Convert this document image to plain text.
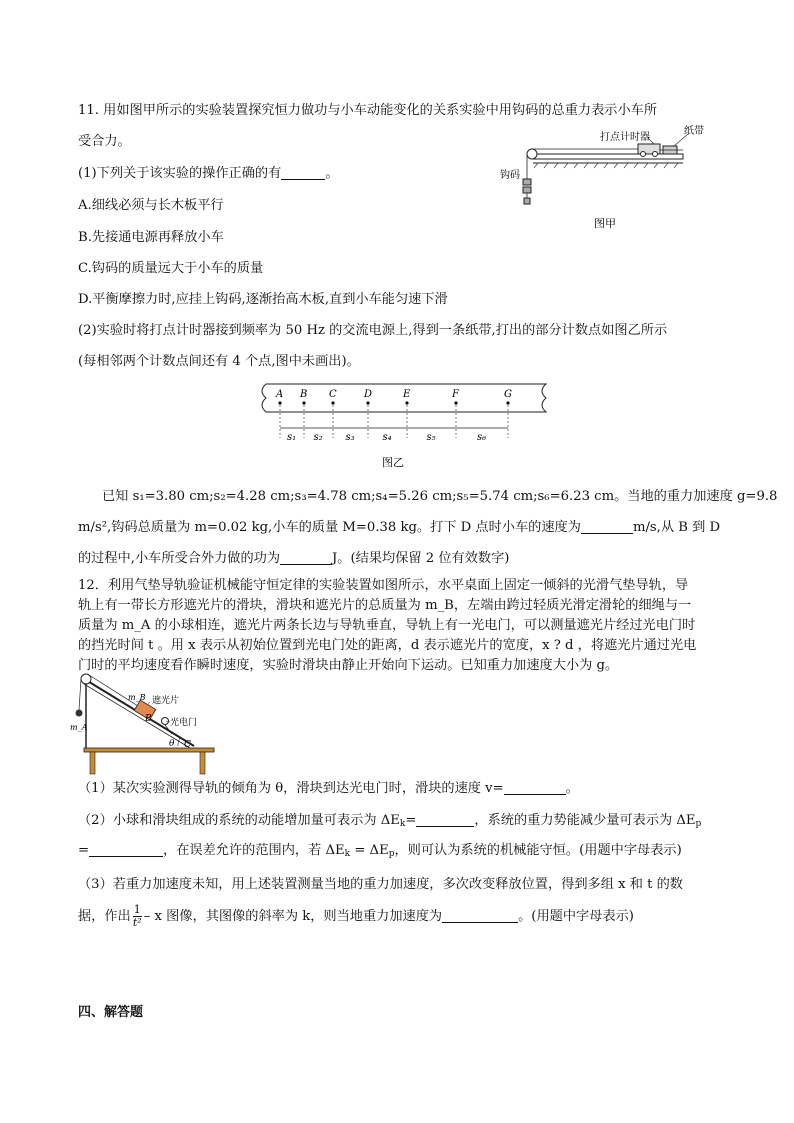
11. 用如图甲所示的实验装置探究恒力做功与小车动能变化的关系实验中用钩码的总重力表示小车所
受合力。
(1)下列关于该实验的操作正确的有	。
A.细线必须与长木板平行
B.先接通电源再释放小车
C.钩码的质量远大于小车的质量
D.平衡摩擦力时,应挂上钩码,逐渐抬高木板,直到小车能匀速下滑
(2)实验时将打点计时器接到频率为 50 Hz 的交流电源上,得到一条纸带,打出的部分计数点如图乙所示
(每相邻两个计数点间还有 4 个点,图中未画出)。
打点计时器
纸带
钩码
图甲
A B C	D	E	F	G
s₁ s₂ s₃	s₄	s₅	s₆
图乙
已知 s₁=3.80 cm;s₂=4.28 cm;s₃=4.78 cm;s₄=5.26 cm;s₅=5.74 cm;s₆=6.23 cm。当地的重力加速度 g=9.8
m/s²,钩码总质量为 m=0.02 kg,小车的质量 M=0.38 kg。打下 D 点时小车的速度为	m/s,从 B 到 D
的过程中,小车所受合外力做的功为	J。(结果均保留 2 位有效数字)
12．利用气垫导轨验证机械能守恒定律的实验装置如图所示，水平桌面上固定一倾斜的光滑气垫导轨，导
轨上有一带长方形遮光片的滑块，滑块和遮光片的总质量为 m_B，左端由跨过轻质光滑定滑轮的细绳与一
质量为 m_A 的小球相连，遮光片两条长边与导轨垂直，导轨上有一光电门，可以测量遮光片经过光电门时
的挡光时间 t 。用 x 表示从初始位置到光电门处的距离，d 表示遮光片的宽度，x ? d ，将遮光片通过光电
门时的平均速度看作瞬时速度，实验时滑块由静止开始向下运动。已知重力加速度大小为 g。
m_B 遮光片
B 光电门
θ C
m_A
（1）某次实验测得导轨的倾角为 θ，滑块到达光电门时，滑块的速度 v=	。
（2）小球和滑块组成的系统的动能增加量可表示为 $\Delta E_k=$	，系统的重力势能减少量可表示为 $\Delta E_p$
=	，在误差允许的范围内，若 $\Delta E_k = \Delta E_p$，则可认为系统的机械能守恒。(用题中字母表示)
（3）若重力加速度未知，用上述装置测量当地的重力加速度，多次改变释放位置，得到多组 x 和 t 的数
据，作出 $\frac{1}{\text{t²}}$ – x 图像，其图像的斜率为 k，则当地重力加速度为	。(用题中字母表示)
四、解答题
